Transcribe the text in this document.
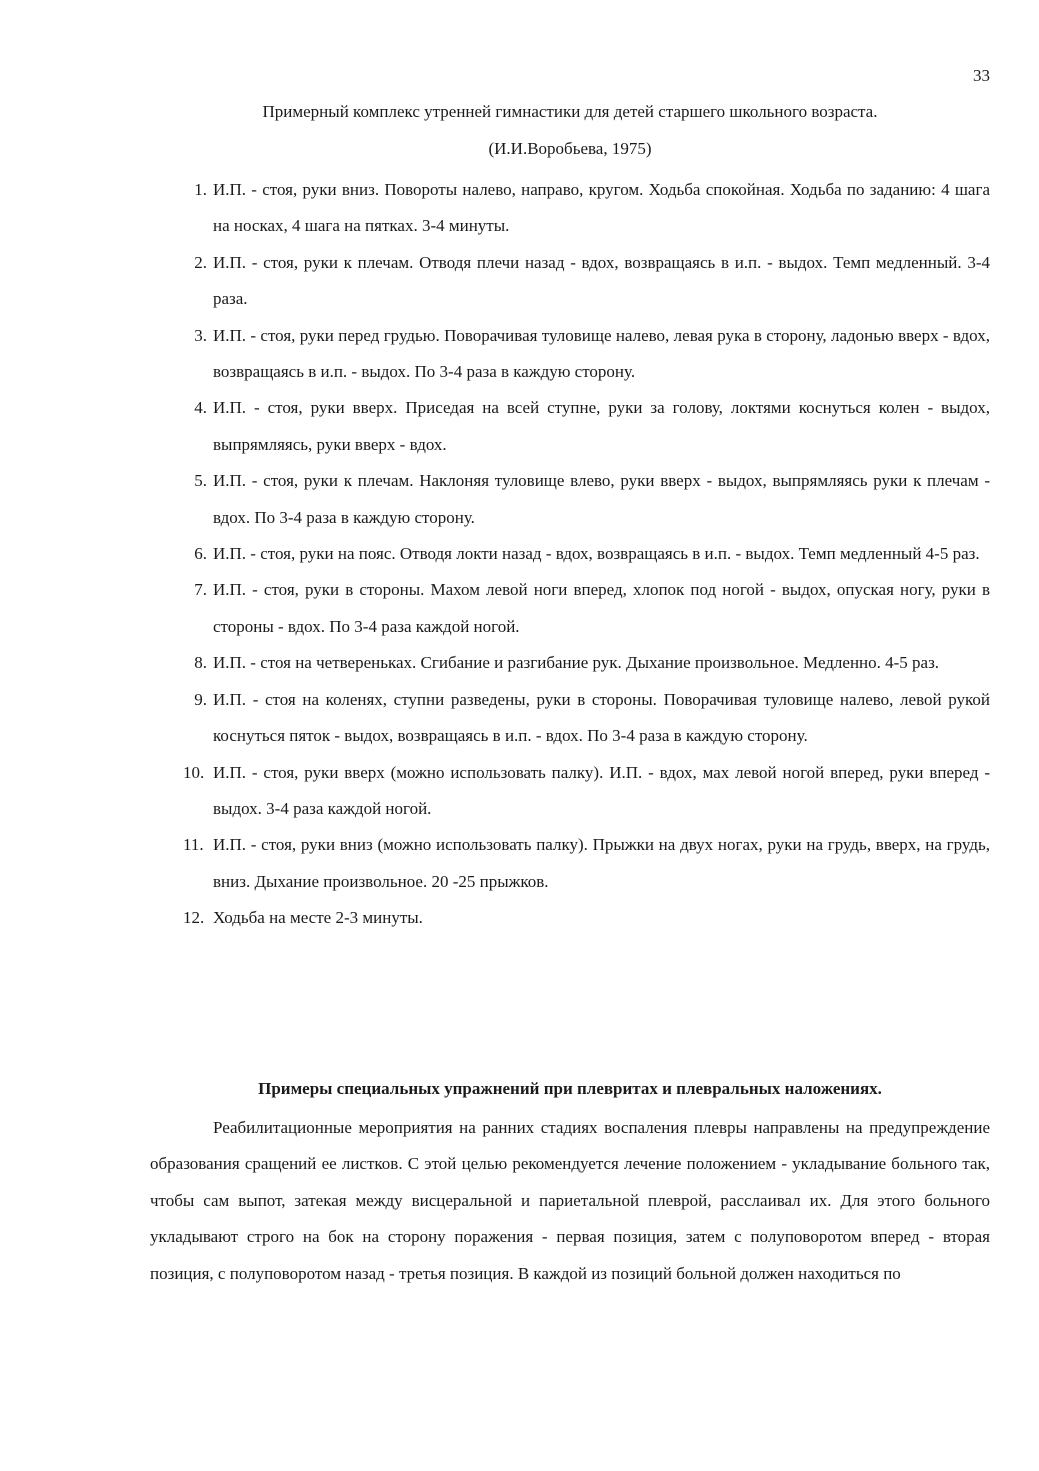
33
Примерный комплекс утренней гимнастики для детей старшего школьного возраста.
(И.И.Воробьева, 1975)
1. И.П. - стоя, руки вниз. Повороты налево, направо, кругом. Ходьба спокойная. Ходьба по заданию: 4 шага на носках, 4 шага на пятках. 3-4 минуты.
2. И.П. - стоя, руки к плечам. Отводя плечи назад - вдох, возвращаясь в и.п. - выдох. Темп медленный. 3-4 раза.
3. И.П. - стоя, руки перед грудью. Поворачивая туловище налево, левая рука в сторону, ладонью вверх - вдох, возвращаясь в и.п. - выдох. По 3-4 раза в каждую сторону.
4. И.П. - стоя, руки вверх. Приседая на всей ступне, руки за голову, локтями коснуться колен - выдох, выпрямляясь, руки вверх - вдох.
5. И.П. - стоя, руки к плечам. Наклоняя туловище влево, руки вверх - выдох, выпрямляясь руки к плечам - вдох. По 3-4 раза в каждую сторону.
6. И.П. - стоя, руки на пояс. Отводя локти назад - вдох, возвращаясь в и.п. - выдох. Темп медленный 4-5 раз.
7. И.П. - стоя, руки в стороны. Махом левой ноги вперед, хлопок под ногой - выдох, опуская ногу, руки в стороны - вдох. По 3-4 раза каждой ногой.
8. И.П. - стоя на четвереньках. Сгибание и разгибание рук. Дыхание произвольное. Медленно. 4-5 раз.
9. И.П. - стоя на коленях, ступни разведены, руки в стороны. Поворачивая туловище налево, левой рукой коснуться пяток - выдох, возвращаясь в и.п. - вдох. По 3-4 раза в каждую сторону.
10. И.П. - стоя, руки вверх (можно использовать палку). И.П. - вдох, мах левой ногой вперед, руки вперед - выдох. 3-4 раза каждой ногой.
11. И.П. - стоя, руки вниз (можно использовать палку). Прыжки на двух ногах, руки на грудь, вверх, на грудь, вниз. Дыхание произвольное. 20 -25 прыжков.
12. Ходьба на месте 2-3 минуты.
Примеры специальных упражнений при плевритах и плевральных наложениях.

Реабилитационные мероприятия на ранних стадиях воспаления плевры направлены на предупреждение образования сращений ее листков. С этой целью рекомендуется лечение положением - укладывание больного так, чтобы сам выпот, затекая между висцеральной и париетальной плеврой, расслаивал их. Для этого больного укладывают строго на бок на сторону поражения - первая позиция, затем с полуповоротом вперед - вторая позиция, с полуповоротом назад - третья позиция. В каждой из позиций больной должен находиться по
